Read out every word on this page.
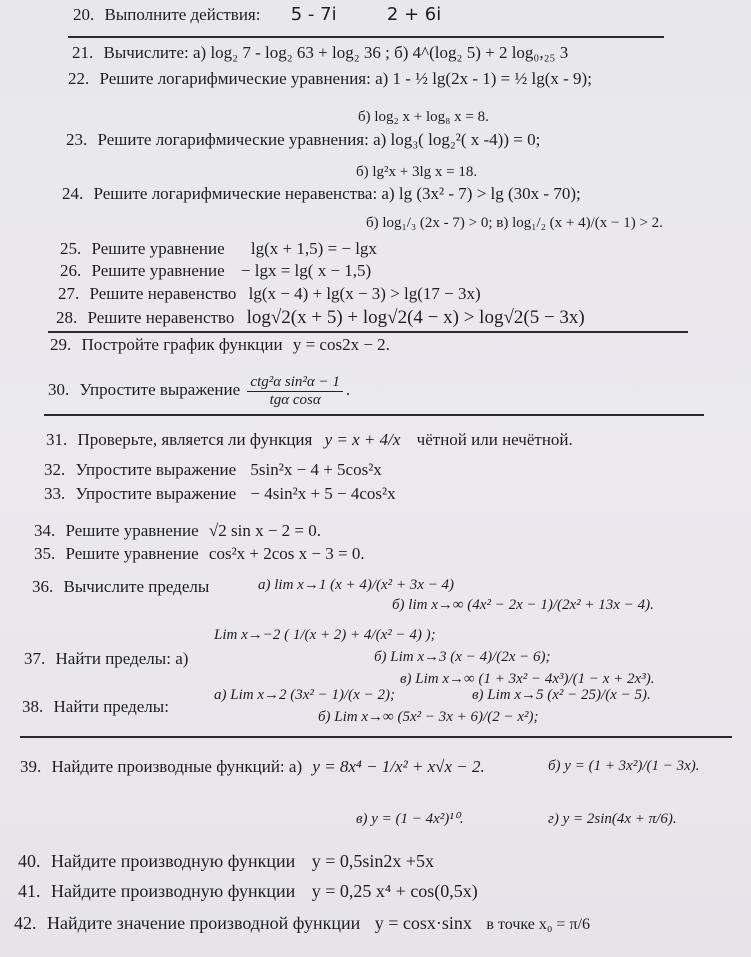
20. Выполните действия: 5 - 7i	2 + 6i
21. Вычислите: а) log₂ 7 - log₂ 63 + log₂ 36 ; б) 4^(log₂ 5) + 2 log₀,₂₅ 3
22. Решите логарифмические уравнения: а) 1 - ½ lg(2x - 1) = ½ lg(x - 9);
б) log₂ x + log₈ x = 8.
23. Решите логарифмические уравнения: а) log₃( log₂²( x -4)) = 0;
б) lg²x + 3lg x = 18.
24. Решите логарифмические неравенства: а) lg (3x² - 7) > lg (30x - 70);
б) log₁/₃ (2x - 7) > 0; в) log₁/₂ (x + 4)/(x − 1) > 2.
25. Решите уравнение lg(x + 1,5) = − lgx
26. Решите уравнение − lgx = lg( x − 1,5)
27. Решите неравенство lg(x − 4) + lg(x − 3) > lg(17 − 3x)
28. Решите неравенство log√2(x + 5) + log√2(4 − x) > log√2(5 − 3x)
29. Постройте график функции y = cos2x − 2.
30. Упростите выражение $\frac{\text{ctg²α sin²α − 1}}{\text{tgα cosα}}$ .
31. Проверьте, является ли функция y = x + 4/x чётной или нечётной.
32. Упростите выражение 5sin²x − 4 + 5cos²x
33. Упростите выражение − 4sin²x + 5 − 4cos²x
34. Решите уравнение √2 sin x − 2 = 0.
35. Решите уравнение cos²x + 2cos x − 3 = 0.
36. Вычислите пределы	а) lim x→1 (x + 4)/(x² + 3x − 4)
б) lim x→∞ (4x² − 2x − 1)/(2x² + 13x − 4).
37. Найти пределы: а)
Lim x→−2 ( 1/(x + 2) + 4/(x² − 4) );
б) Lim x→3 (x − 4)/(2x − 6);
в) Lim x→∞ (1 + 3x² − 4x³)/(1 − x + 2x³).
38. Найти пределы:
а) Lim x→2 (3x² − 1)/(x − 2);
б) Lim x→∞ (5x² − 3x + 6)/(2 − x²);
в) Lim x→5 (x² − 25)/(x − 5).
39. Найдите производные функций: а) y = 8x⁴ − 1/x² + x√x − 2.	б) y = (1 + 3x²)/(1 − 3x).
в) y = (1 − 4x²)¹⁰.	г) y = 2sin(4x + π/6).
40. Найдите производную функции y = 0,5sin2x +5x
41. Найдите производную функции y = 0,25 x⁴ + cos(0,5x)
42. Найдите значение производной функции y = cosx·sinx в точке x₀ = π/6
